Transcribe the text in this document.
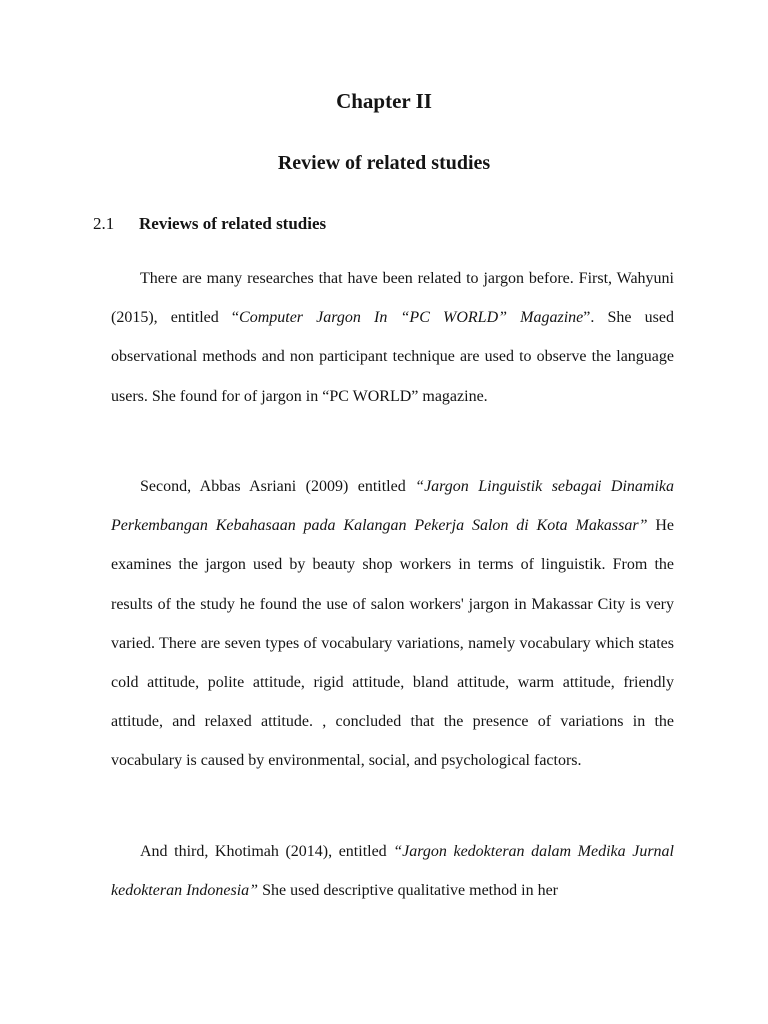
Chapter II
Review of related studies
2.1 Reviews of related studies

There are many researches that have been related to jargon before. First, Wahyuni (2015), entitled “Computer Jargon In “PC WORLD” Magazine”. She used observational methods and non participant technique are used to observe the language users. She found for of jargon in “PC WORLD” magazine.

Second, Abbas Asriani (2009) entitled “Jargon Linguistik sebagai Dinamika Perkembangan Kebahasaan pada Kalangan Pekerja Salon di Kota Makassar” He examines the jargon used by beauty shop workers in terms of linguistik. From the results of the study he found the use of salon workers' jargon in Makassar City is very varied. There are seven types of vocabulary variations, namely vocabulary which states cold attitude, polite attitude, rigid attitude, bland attitude, warm attitude, friendly attitude, and relaxed attitude. , concluded that the presence of variations in the vocabulary is caused by environmental, social, and psychological factors.

And third, Khotimah (2014), entitled “Jargon kedokteran dalam Medika Jurnal kedokteran Indonesia” She used descriptive qualitative method in her
